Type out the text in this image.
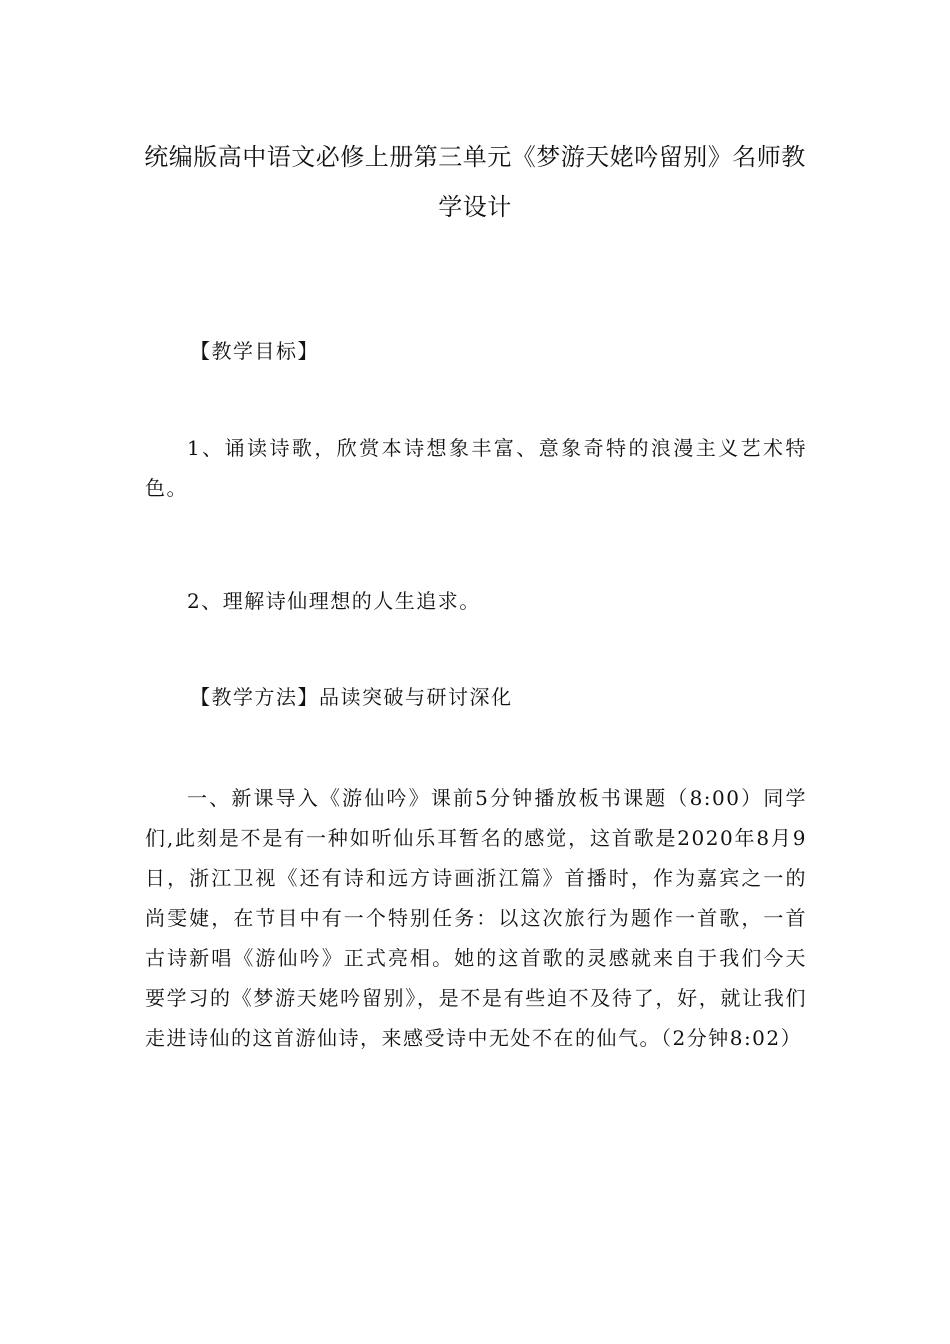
统编版高中语文必修上册第三单元《梦游天姥吟留别》名师教学设计

【教学目标】

1、诵读诗歌，欣赏本诗想象丰富、意象奇特的浪漫主义艺术特色。

2、理解诗仙理想的人生追求。

【教学方法】品读突破与研讨深化

一、新课导入《游仙吟》课前5分钟播放板书课题（8:00）同学们,此刻是不是有一种如听仙乐耳暂名的感觉，这首歌是2020年8月9日，浙江卫视《还有诗和远方诗画浙江篇》首播时，作为嘉宾之一的尚雯婕，在节目中有一个特别任务：以这次旅行为题作一首歌，一首古诗新唱《游仙吟》正式亮相。她的这首歌的灵感就来自于我们今天要学习的《梦游天姥吟留别》，是不是有些迫不及待了，好，就让我们走进诗仙的这首游仙诗，来感受诗中无处不在的仙气。（2分钟8:02）
